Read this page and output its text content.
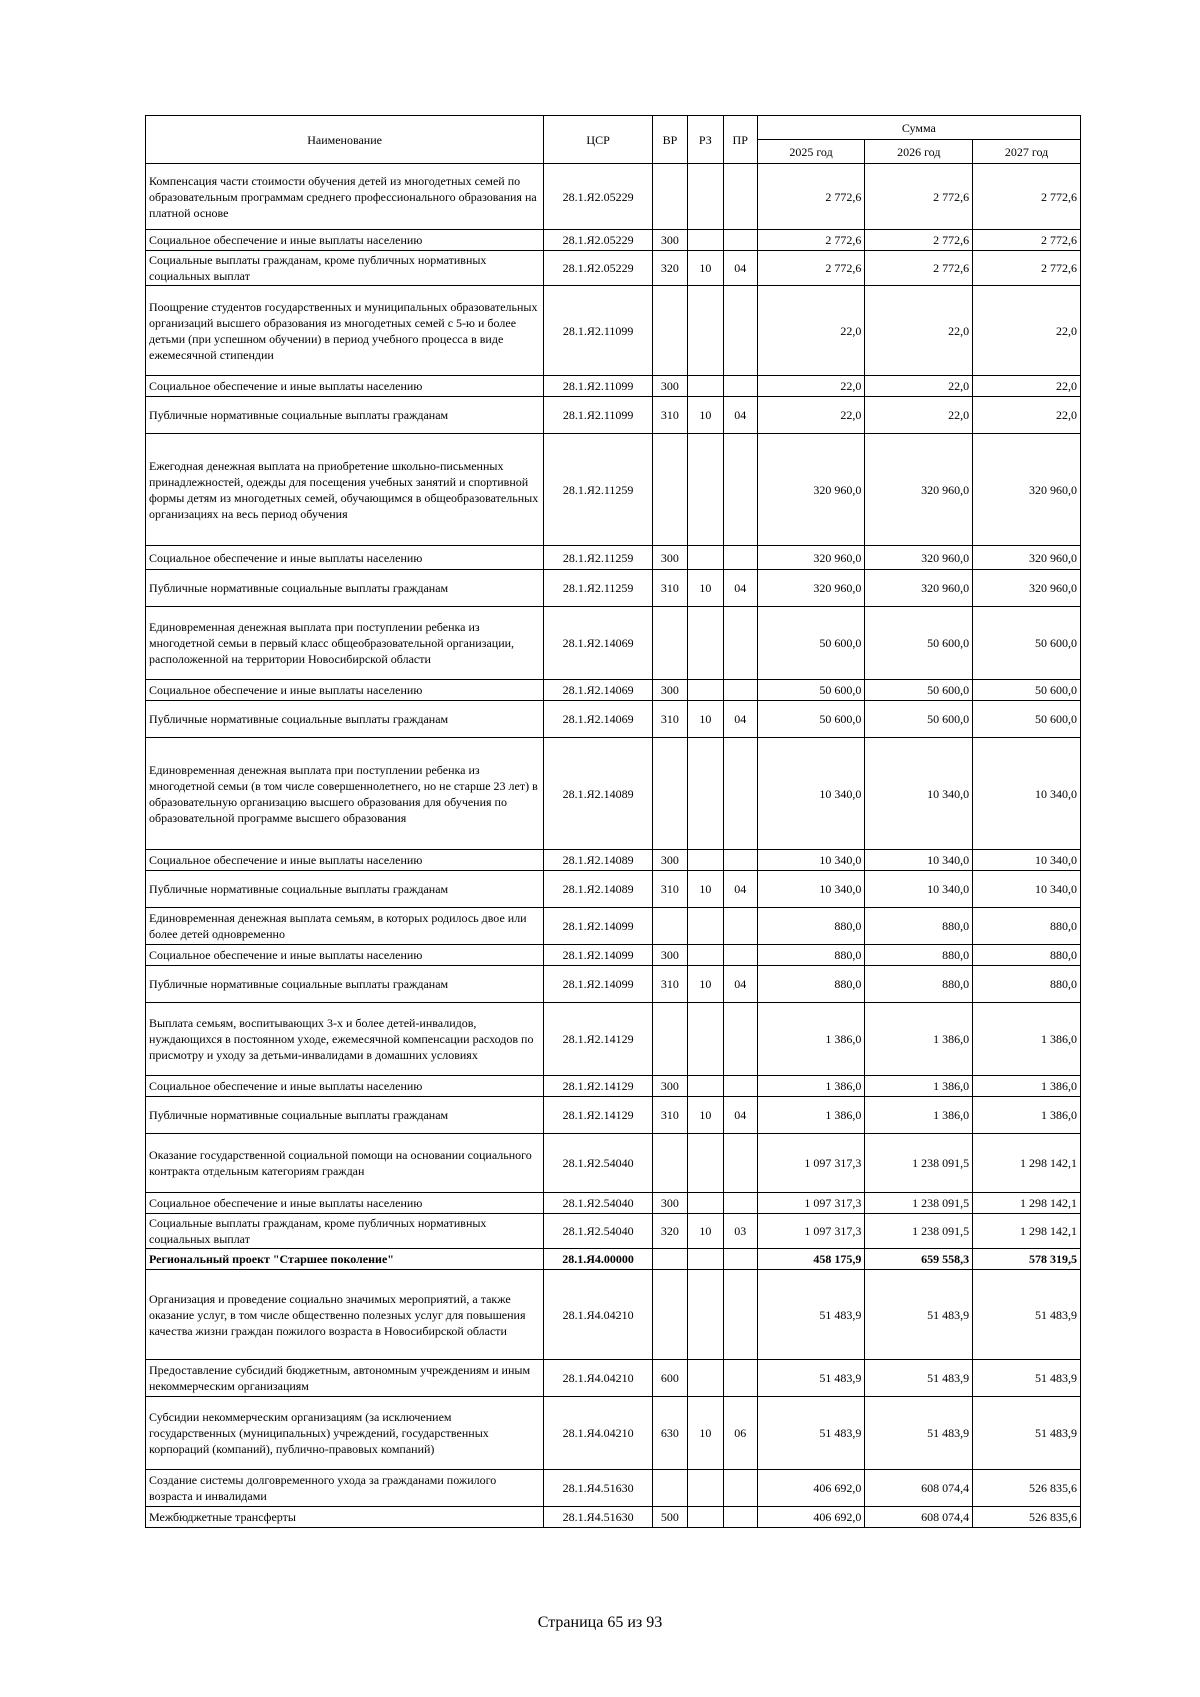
Наименование	ЦСР	ВР	РЗ	ПР	Сумма		
					2025 год	2026 год	2027 год
Компенсация части стоимости обучения детей из многодетных семей по образовательным программам среднего профессионального образования на платной основе	28.1.Я2.05229				2 772,6	2 772,6	2 772,6
Социальное обеспечение и иные выплаты населению	28.1.Я2.05229	300			2 772,6	2 772,6	2 772,6
Социальные выплаты гражданам, кроме публичных нормативных социальных выплат	28.1.Я2.05229	320	10	04	2 772,6	2 772,6	2 772,6
Поощрение студентов государственных и муниципальных образовательных организаций высшего образования из многодетных семей с 5-ю и более детьми (при успешном обучении) в период учебного процесса в виде ежемесячной стипендии	28.1.Я2.11099				22,0	22,0	22,0
Социальное обеспечение и иные выплаты населению	28.1.Я2.11099	300			22,0	22,0	22,0
Публичные нормативные социальные выплаты гражданам	28.1.Я2.11099	310	10	04	22,0	22,0	22,0
Ежегодная денежная выплата на приобретение школьно-письменных принадлежностей, одежды для посещения учебных занятий и спортивной формы детям из многодетных семей, обучающимся в общеобразовательных организациях на весь период обучения	28.1.Я2.11259				320 960,0	320 960,0	320 960,0
Социальное обеспечение и иные выплаты населению	28.1.Я2.11259	300			320 960,0	320 960,0	320 960,0
Публичные нормативные социальные выплаты гражданам	28.1.Я2.11259	310	10	04	320 960,0	320 960,0	320 960,0
Единовременная денежная выплата при поступлении ребенка из многодетной семьи в первый класс общеобразовательной организации, расположенной на территории Новосибирской области	28.1.Я2.14069				50 600,0	50 600,0	50 600,0
Социальное обеспечение и иные выплаты населению	28.1.Я2.14069	300			50 600,0	50 600,0	50 600,0
Публичные нормативные социальные выплаты гражданам	28.1.Я2.14069	310	10	04	50 600,0	50 600,0	50 600,0
Единовременная денежная выплата при поступлении ребенка из многодетной семьи (в том числе совершеннолетнего, но не старше 23 лет) в образовательную организацию высшего образования для обучения по образовательной программе высшего образования	28.1.Я2.14089				10 340,0	10 340,0	10 340,0
Социальное обеспечение и иные выплаты населению	28.1.Я2.14089	300			10 340,0	10 340,0	10 340,0
Публичные нормативные социальные выплаты гражданам	28.1.Я2.14089	310	10	04	10 340,0	10 340,0	10 340,0
Единовременная денежная выплата семьям, в которых родилось двое или более детей одновременно	28.1.Я2.14099				880,0	880,0	880,0
Социальное обеспечение и иные выплаты населению	28.1.Я2.14099	300			880,0	880,0	880,0
Публичные нормативные социальные выплаты гражданам	28.1.Я2.14099	310	10	04	880,0	880,0	880,0
Выплата семьям, воспитывающих 3-х и более детей-инвалидов, нуждающихся в постоянном уходе, ежемесячной компенсации расходов по присмотру и уходу за детьми-инвалидами в домашних условиях	28.1.Я2.14129				1 386,0	1 386,0	1 386,0
Социальное обеспечение и иные выплаты населению	28.1.Я2.14129	300			1 386,0	1 386,0	1 386,0
Публичные нормативные социальные выплаты гражданам	28.1.Я2.14129	310	10	04	1 386,0	1 386,0	1 386,0
Оказание государственной социальной помощи на основании социального контракта отдельным категориям граждан	28.1.Я2.54040				1 097 317,3	1 238 091,5	1 298 142,1
Социальное обеспечение и иные выплаты населению	28.1.Я2.54040	300			1 097 317,3	1 238 091,5	1 298 142,1
Социальные выплаты гражданам, кроме публичных нормативных социальных выплат	28.1.Я2.54040	320	10	03	1 097 317,3	1 238 091,5	1 298 142,1
Региональный проект "Старшее поколение"	28.1.Я4.00000				458 175,9	659 558,3	578 319,5
Организация и проведение социально значимых мероприятий, а также оказание услуг, в том числе общественно полезных услуг для повышения качества жизни граждан пожилого возраста в Новосибирской области	28.1.Я4.04210				51 483,9	51 483,9	51 483,9
Предоставление субсидий бюджетным, автономным учреждениям и иным некоммерческим организациям	28.1.Я4.04210	600			51 483,9	51 483,9	51 483,9
Субсидии некоммерческим организациям (за исключением государственных (муниципальных) учреждений, государственных корпораций (компаний), публично-правовых компаний)	28.1.Я4.04210	630	10	06	51 483,9	51 483,9	51 483,9
Создание системы долговременного ухода за гражданами пожилого возраста и инвалидами	28.1.Я4.51630				406 692,0	608 074,4	526 835,6
Межбюджетные трансферты	28.1.Я4.51630	500			406 692,0	608 074,4	526 835,6
Страница 65 из 93
